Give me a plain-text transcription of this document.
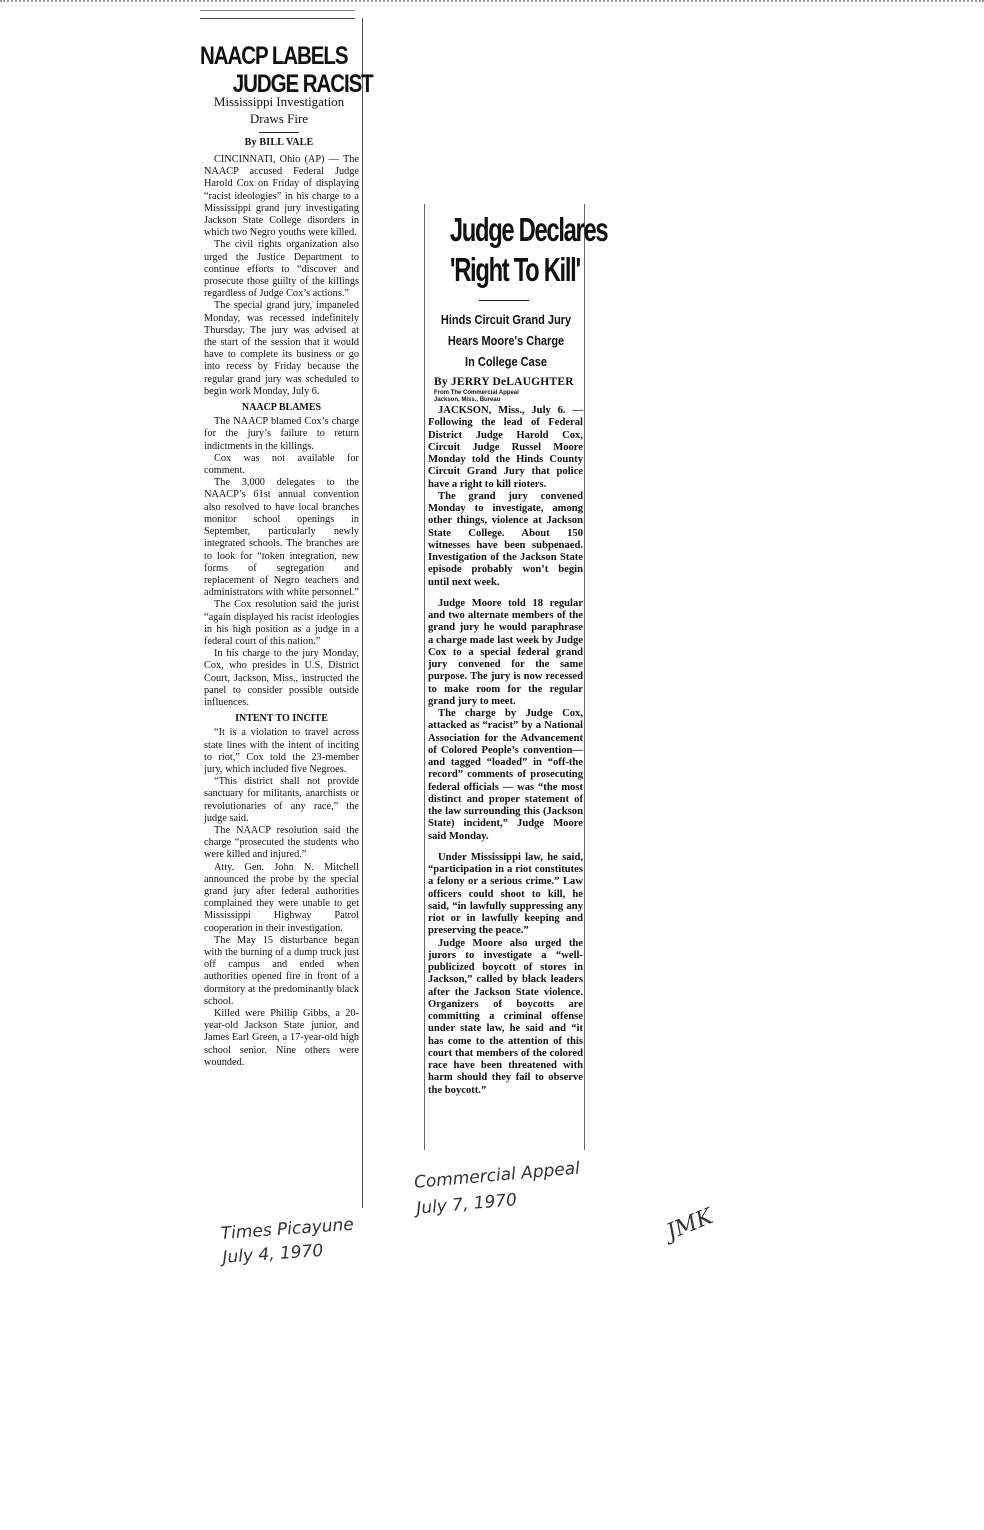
NAACP LABELS
JUDGE RACIST
Mississippi Investigation Draws Fire
By BILL VALE

CINCINNATI, Ohio (AP) — The NAACP accused Federal Judge Harold Cox on Friday of displaying “racist ideologies” in his charge to a Mississippi grand jury investigating Jackson State College disorders in which two Negro youths were killed.

The civil rights organization also urged the Justice Department to continue efforts to “discover and prosecute those guilty of the killings regardless of Judge Cox’s actions.”

The special grand jury, impaneled Monday, was recessed indefinitely Thursday. The jury was advised at the start of the session that it would have to complete its business or go into recess by Friday because the regular grand jury was scheduled to begin work Monday, July 6.

NAACP BLAMES

The NAACP blamed Cox’s charge for the jury’s failure to return indictments in the killings.

Cox was not available for comment.

The 3,000 delegates to the NAACP’s 61st annual convention also resolved to have local branches monitor school openings in September, particularly newly integrated schools. The branches are to look for “token integration, new forms of segregation and replacement of Negro teachers and administrators with white personnel.”

The Cox resolution said the jurist “again displayed his racist ideologies in his high position as a judge in a federal court of this nation.”

In his charge to the jury Monday, Cox, who presides in U.S. District Court, Jackson, Miss., instructed the panel to consider possible outside influences.

INTENT TO INCITE

“It is a violation to travel across state lines with the intent of inciting to riot,” Cox told the 23-member jury, which included five Negroes.

“This district shall not provide sanctuary for militants, anarchists or revolutionaries of any race,” the judge said.

The NAACP resolution said the charge “prosecuted the students who were killed and injured.”

Atty. Gen. John N. Mitchell announced the probe by the special grand jury after federal authorities complained they were unable to get Mississippi Highway Patrol cooperation in their investigation.

The May 15 disturbance began with the burning of a dump truck just off campus and ended when authorities opened fire in front of a dormitory at the predominantly black school.

Killed were Phillip Gibbs, a 20-year-old Jackson State junior, and James Earl Green, a 17-year-old high school senior. Nine others were wounded.

Times Picayune
July 4, 1970
Judge Declares
'Right To Kill'
Hinds Circuit Grand Jury
Hears Moore's Charge
In College Case
By JERRY DeLAUGHTER
From The Commercial Appeal
Jackson, Miss., Bureau

JACKSON, Miss., July 6. — Following the lead of Federal District Judge Harold Cox, Circuit Judge Russel Moore Monday told the Hinds County Circuit Grand Jury that police have a right to kill rioters.

The grand jury convened Monday to investigate, among other things, violence at Jackson State College. About 150 witnesses have been subpenaed. Investigation of the Jackson State episode probably won’t begin until next week.

Judge Moore told 18 regular and two alternate members of the grand jury he would paraphrase a charge made last week by Judge Cox to a special federal grand jury convened for the same purpose. The jury is now recessed to make room for the regular grand jury to meet.

The charge by Judge Cox, attacked as “racist” by a National Association for the Advancement of Colored People’s convention—and tagged “loaded” in “off-the record” comments of prosecuting federal officials — was “the most distinct and proper statement of the law surrounding this (Jackson State) incident,” Judge Moore said Monday.

Under Mississippi law, he said, “participation in a riot constitutes a felony or a serious crime.” Law officers could shoot to kill, he said, “in lawfully suppressing any riot or in lawfully keeping and preserving the peace.”

Judge Moore also urged the jurors to investigate a “well-publicized boycott of stores in Jackson,” called by black leaders after the Jackson State violence. Organizers of boycotts are committing a criminal offense under state law, he said and “it has come to the attention of this court that members of the colored race have been threatened with harm should they fail to observe the boycott.”

Commercial Appeal
July 7, 1970	JMK
